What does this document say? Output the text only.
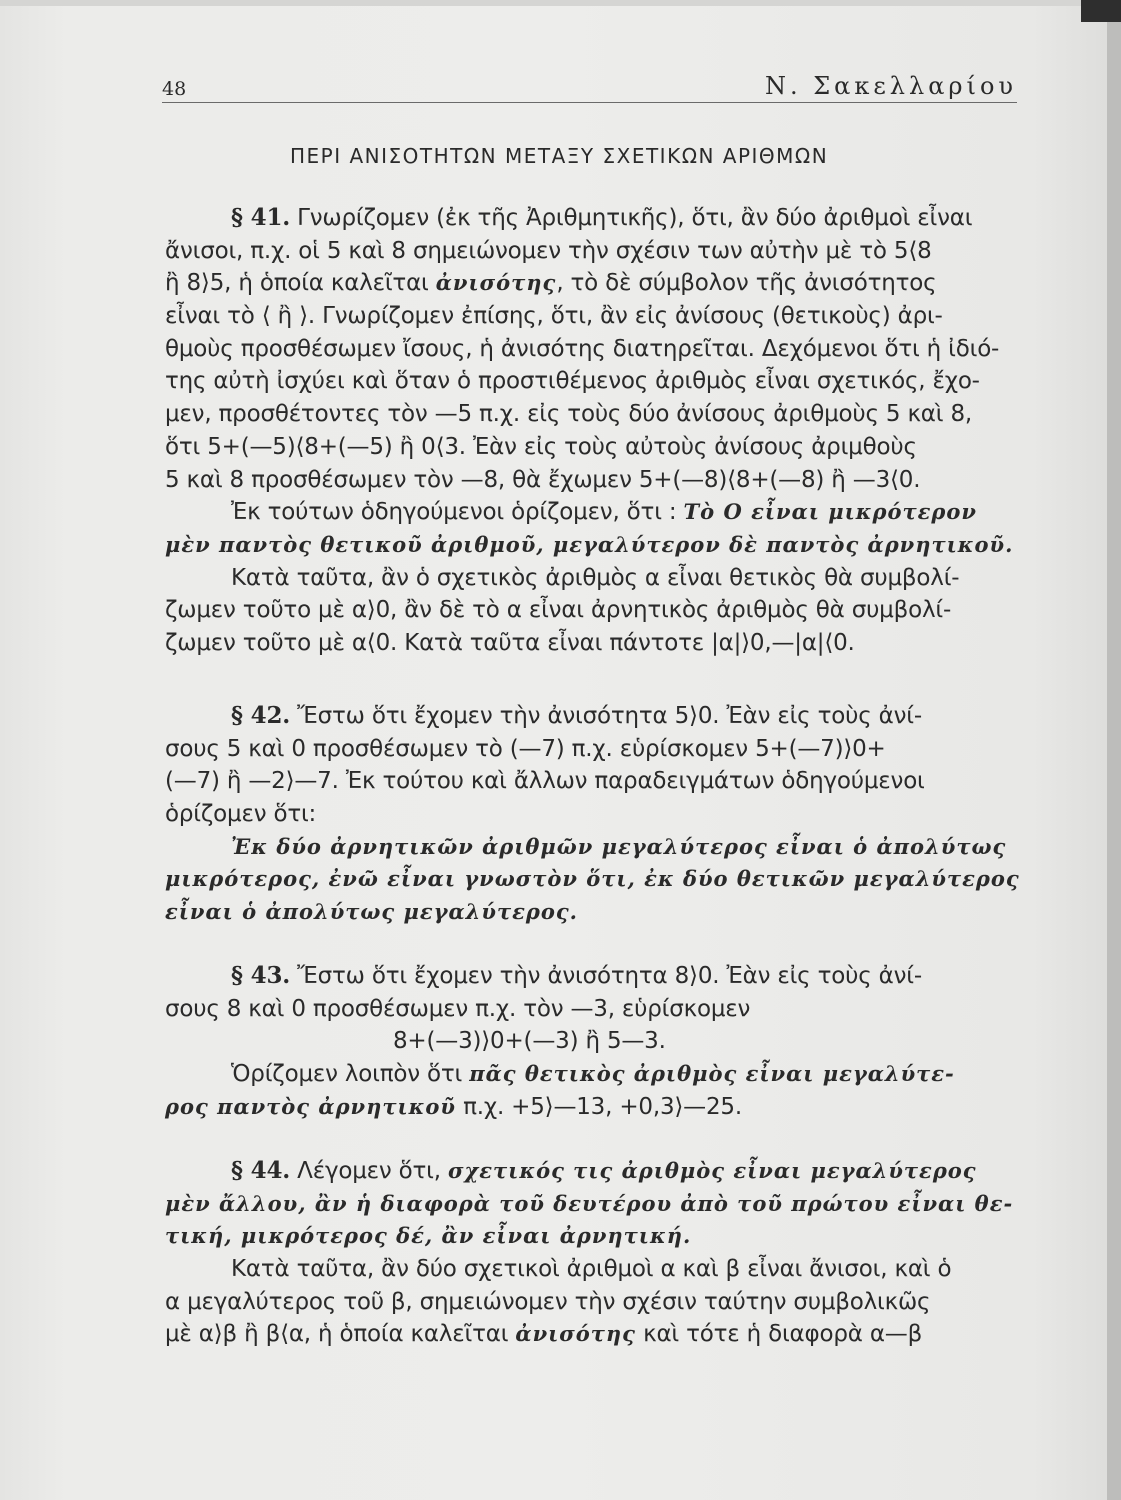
48	Ν. Σακελλαρίου
ΠΕΡΙ ΑΝΙΣΟΤΗΤΩΝ ΜΕΤΑΞΥ ΣΧΕΤΙΚΩΝ ΑΡΙΘΜΩΝ
§ 41. Γνωρίζομεν (ἐκ τῆς Ἀριθμητικῆς), ὅτι, ἂν δύο ἀριθμοὶ εἶναι
ἄνισοι, π.χ. οἱ 5 καὶ 8 σημειώνομεν τὴν σχέσιν των αὐτὴν μὲ τὸ 5⟨8
ἢ 8⟩5, ἡ ὁποία καλεῖται ἀνισότης, τὸ δὲ σύμβολον τῆς ἀνισότητος
εἶναι τὸ ⟨ ἢ ⟩. Γνωρίζομεν ἐπίσης, ὅτι, ἂν εἰς ἀνίσους (θετικοὺς) ἀρι-
θμοὺς προσθέσωμεν ἴσους, ἡ ἀνισότης διατηρεῖται. Δεχόμενοι ὅτι ἡ ἰδιό-
της αὐτὴ ἰσχύει καὶ ὅταν ὁ προστιθέμενος ἀριθμὸς εἶναι σχετικός, ἔχο-
μεν, προσθέτοντες τὸν —5 π.χ. εἰς τοὺς δύο ἀνίσους ἀριθμοὺς 5 καὶ 8,
ὅτι 5+(—5)⟨8+(—5) ἢ 0⟨3. Ἐὰν εἰς τοὺς αὐτοὺς ἀνίσους ἀριμθοὺς
5 καὶ 8 προσθέσωμεν τὸν —8, θὰ ἔχωμεν 5+(—8)⟨8+(—8) ἢ —3⟨0.
Ἐκ τούτων ὁδηγούμενοι ὁρίζομεν, ὅτι : Τὸ Ο εἶναι μικρότερον
μὲν παντὸς θετικοῦ ἀριθμοῦ, μεγαλύτερον δὲ παντὸς ἀρνητικοῦ.
Κατὰ ταῦτα, ἂν ὁ σχετικὸς ἀριθμὸς α εἶναι θετικὸς θὰ συμβολί-
ζωμεν τοῦτο μὲ α⟩0, ἂν δὲ τὸ α εἶναι ἀρνητικὸς ἀριθμὸς θὰ συμβολί-
ζωμεν τοῦτο μὲ α⟨0. Κατὰ ταῦτα εἶναι πάντοτε |α|⟩0,—|α|⟨0.
§ 42. Ἔστω ὅτι ἔχομεν τὴν ἀνισότητα 5⟩0. Ἐὰν εἰς τοὺς ἀνί-
σους 5 καὶ 0 προσθέσωμεν τὸ (—7) π.χ. εὑρίσκομεν 5+(—7)⟩0+
(—7) ἢ —2⟩—7. Ἐκ τούτου καὶ ἄλλων παραδειγμάτων ὁδηγούμενοι
ὁρίζομεν ὅτι:
Ἐκ δύο ἀρνητικῶν ἀριθμῶν μεγαλύτερος εἶναι ὁ ἀπολύτως
μικρότερος, ἐνῶ εἶναι γνωστὸν ὅτι, ἐκ δύο θετικῶν μεγαλύτερος
εἶναι ὁ ἀπολύτως μεγαλύτερος.
§ 43. Ἔστω ὅτι ἔχομεν τὴν ἀνισότητα 8⟩0. Ἐὰν εἰς τοὺς ἀνί-
σους 8 καὶ 0 προσθέσωμεν π.χ. τὸν —3, εὑρίσκομεν
8+(—3)⟩0+(—3) ἢ 5—3.
Ὁρίζομεν λοιπὸν ὅτι πᾶς θετικὸς ἀριθμὸς εἶναι μεγαλύτε-
ρος παντὸς ἀρνητικοῦ π.χ. +5⟩—13, +0,3⟩—25.
§ 44. Λέγομεν ὅτι, σχετικός τις ἀριθμὸς εἶναι μεγαλύτερος
μὲν ἄλλου, ἂν ἡ διαφορὰ τοῦ δευτέρου ἀπὸ τοῦ πρώτου εἶναι θε-
τική, μικρότερος δέ, ἂν εἶναι ἀρνητική.
Κατὰ ταῦτα, ἂν δύο σχετικοὶ ἀριθμοὶ α καὶ β εἶναι ἄνισοι, καὶ ὁ
α μεγαλύτερος τοῦ β, σημειώνομεν τὴν σχέσιν ταύτην συμβολικῶς
μὲ α⟩β ἢ β⟨α, ἡ ὁποία καλεῖται ἀνισότης καὶ τότε ἡ διαφορὰ α—β
